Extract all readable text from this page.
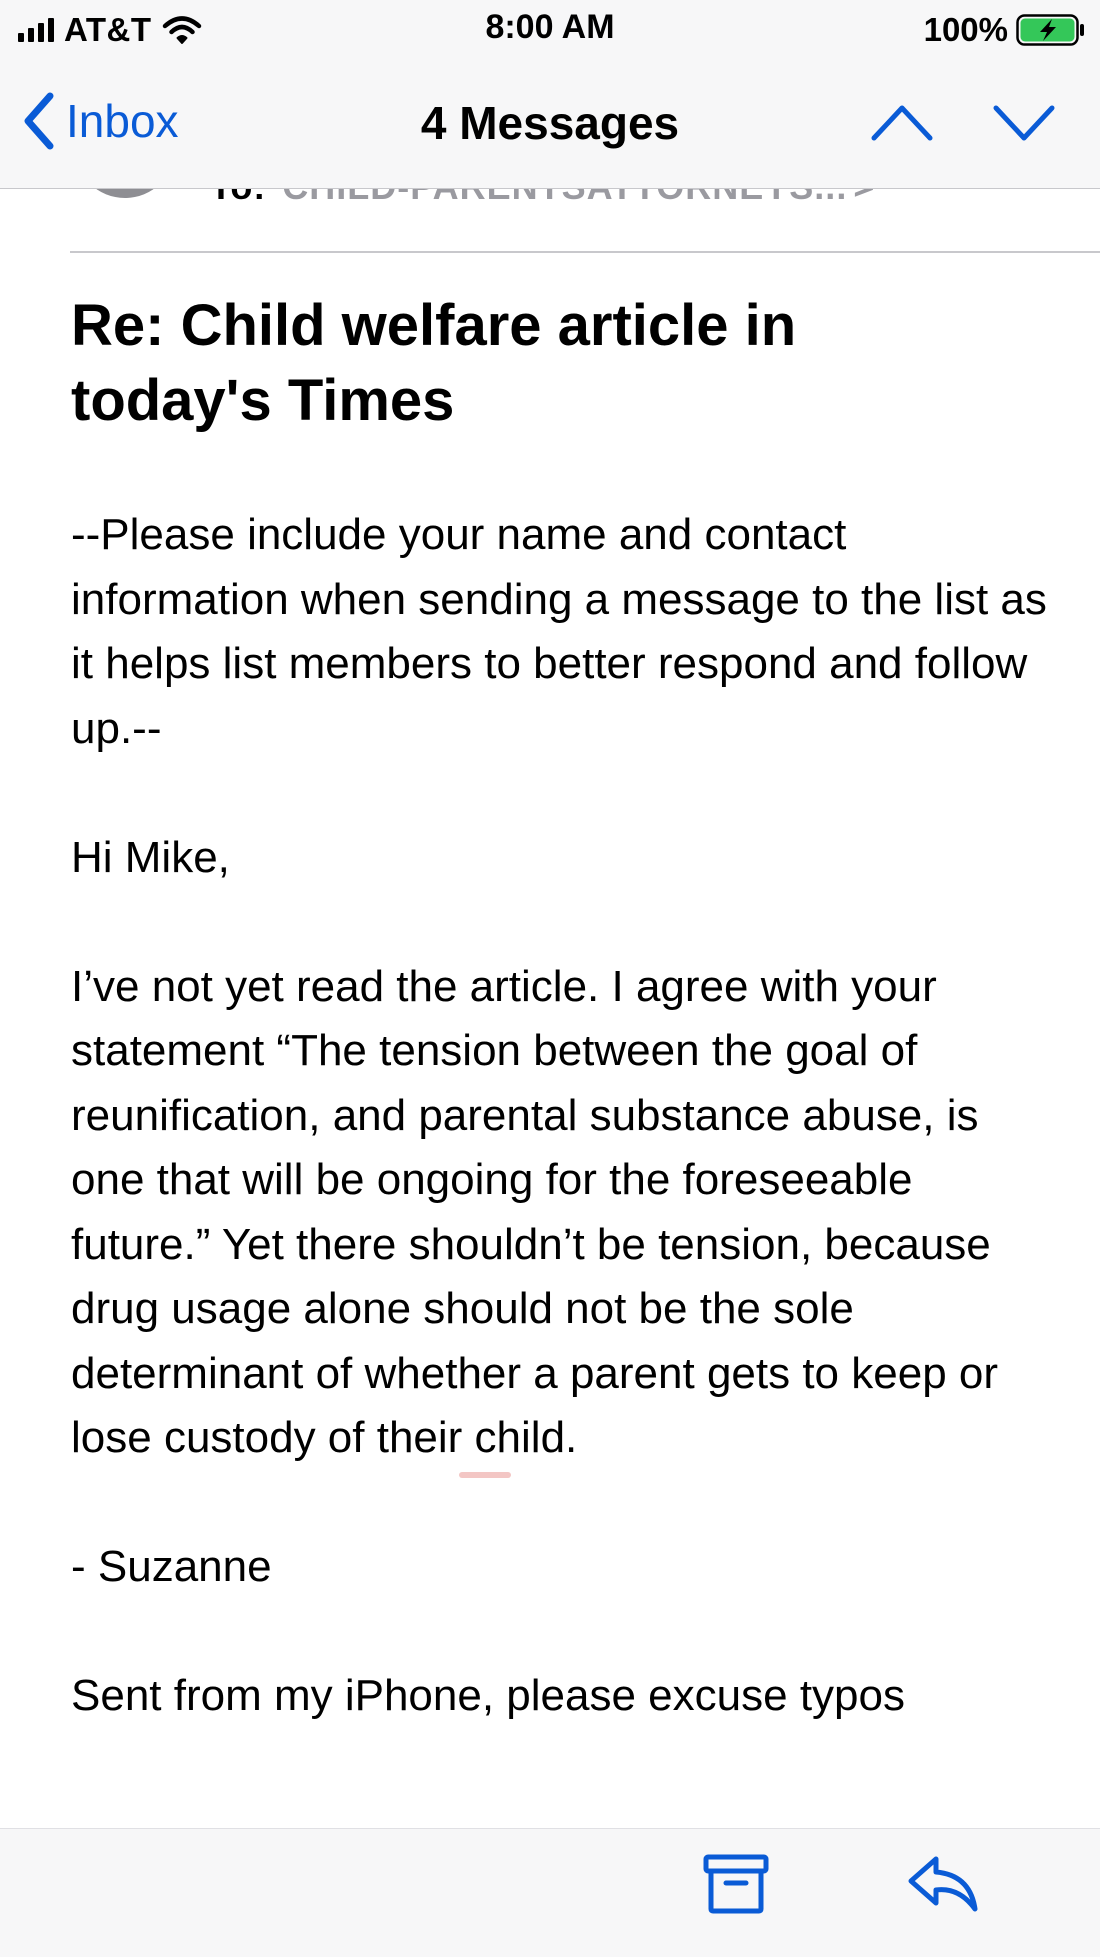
AT&T	8:00 AM	100%
Inbox	4 Messages
Re: Child welfare article in today's Times

--Please include your name and contact information when sending a message to the list as it helps list members to better respond and follow up.--

Hi Mike,

I’ve not yet read the article. I agree with your statement “The tension between the goal of reunification, and parental substance abuse, is one that will be ongoing for the foreseeable future.” Yet there shouldn’t be tension, because drug usage alone should not be the sole determinant of whether a parent gets to keep or lose custody of their child.

- Suzanne

Sent from my iPhone, please excuse typos
